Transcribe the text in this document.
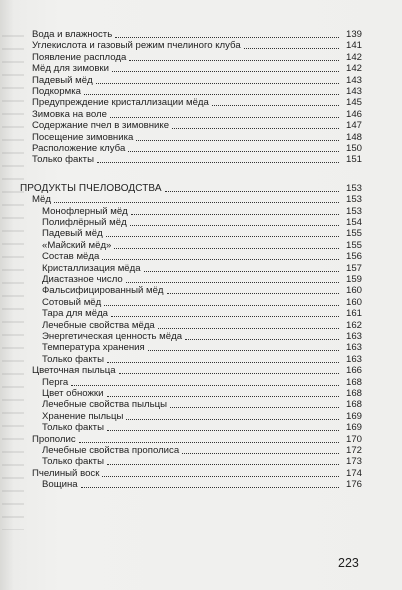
Вода и влажность	139
Углекислота и газовый режим пчелиного клуба	141
Появление расплода	142
Мёд для зимовки	142
Падевый мёд	143
Подкормка	143
Предупреждение кристаллизации мёда	145
Зимовка на воле	146
Содержание пчел в зимовнике	147
Посещение зимовника	148
Расположение клуба	150
Только факты	151
ПРОДУКТЫ ПЧЕЛОВОДСТВА	153
Мёд	153
Монофлерный мёд	153
Полифлёрный мёд	154
Падевый мёд	155
«Майский мёд»	155
Состав мёда	156
Кристаллизация мёда	157
Диастазное число	159
Фальсифицированный мёд	160
Сотовый мёд	160
Тара для мёда	161
Лечебные свойства мёда	162
Энергетическая ценность мёда	163
Температура хранения	163
Только факты	163
Цветочная пыльца	166
Перга	168
Цвет обножки	168
Лечебные свойства пыльцы	168
Хранение пыльцы	169
Только факты	169
Прополис	170
Лечебные свойства прополиса	172
Только факты	173
Пчелиный воск	174
Вощина	176
223
